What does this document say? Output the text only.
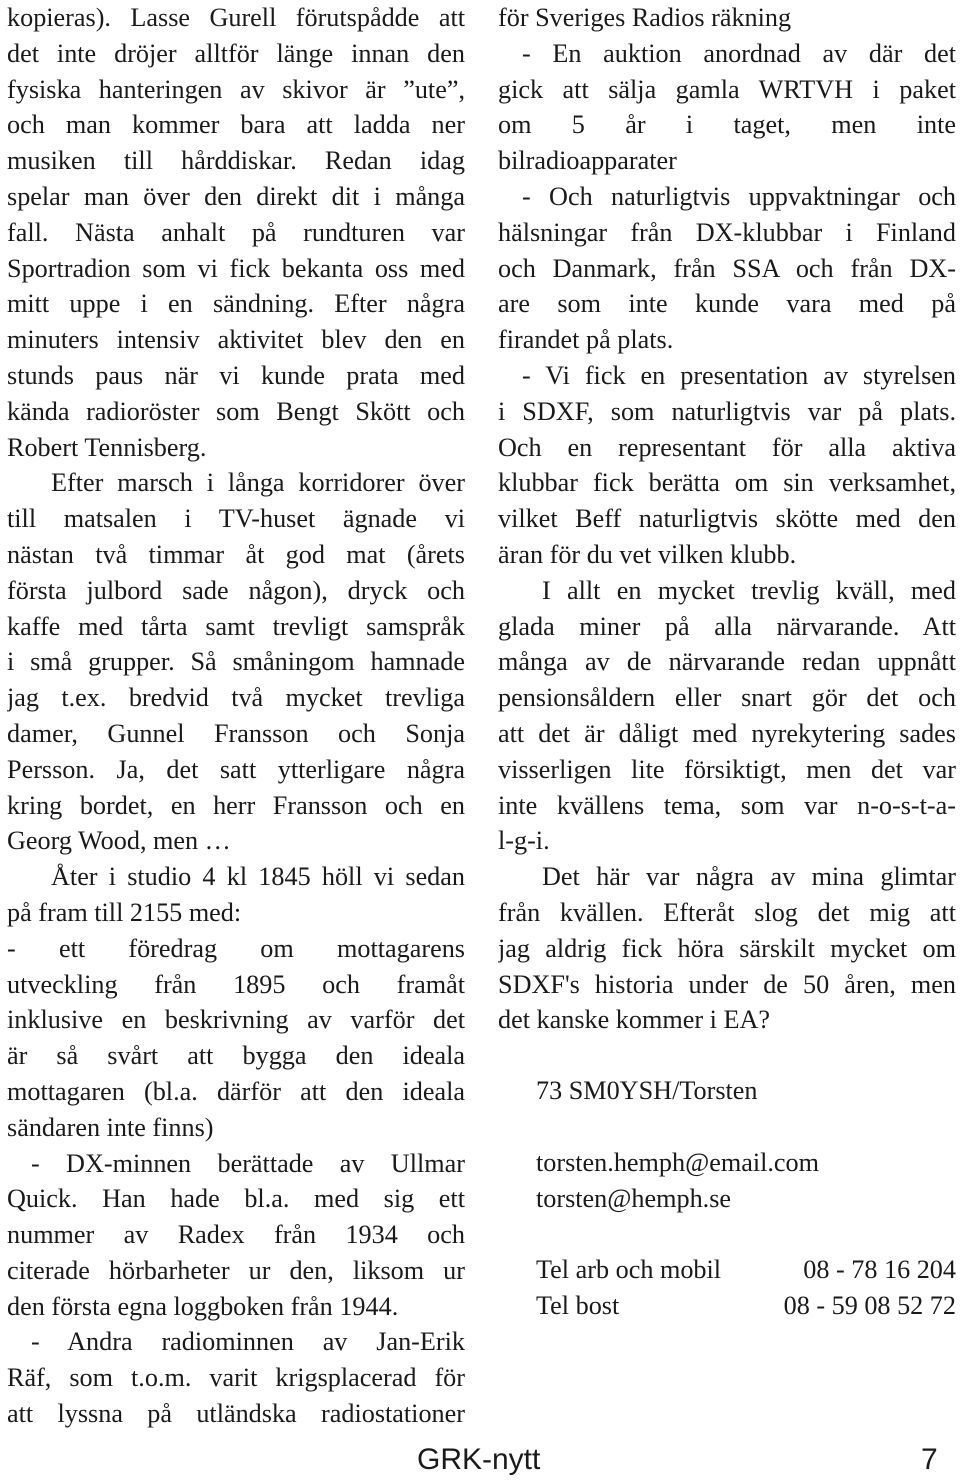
kopieras). Lasse Gurell förutspådde att
det inte dröjer alltför länge innan den
fysiska hanteringen av skivor är ”ute”,
och man kommer bara att ladda ner
musiken till hårddiskar. Redan idag
spelar man över den direkt dit i många
fall. Nästa anhalt på rundturen var
Sportradion som vi fick bekanta oss med
mitt uppe i en sändning. Efter några
minuters intensiv aktivitet blev den en
stunds paus när vi kunde prata med
kända radioröster som Bengt Skött och
Robert Tennisberg.
Efter marsch i långa korridorer över
till matsalen i TV-huset ägnade vi
nästan två timmar åt god mat (årets
första julbord sade någon), dryck och
kaffe med tårta samt trevligt samspråk
i små grupper. Så småningom hamnade
jag t.ex. bredvid två mycket trevliga
damer, Gunnel Fransson och Sonja
Persson. Ja, det satt ytterligare några
kring bordet, en herr Fransson och en
Georg Wood, men …
Åter i studio 4 kl 1845 höll vi sedan
på fram till 2155 med:
- ett föredrag om mottagarens
utveckling från 1895 och framåt
inklusive en beskrivning av varför det
är så svårt att bygga den ideala
mottagaren (bl.a. därför att den ideala
sändaren inte finns)
- DX-minnen berättade av Ullmar
Quick. Han hade bl.a. med sig ett
nummer av Radex från 1934 och
citerade hörbarheter ur den, liksom ur
den första egna loggboken från 1944.
- Andra radiominnen av Jan-Erik
Räf, som t.o.m. varit krigsplacerad för
att lyssna på utländska radiostationer
för Sveriges Radios räkning
- En auktion anordnad av där det
gick att sälja gamla WRTVH i paket
om 5 år i taget, men inte
bilradioapparater
- Och naturligtvis uppvaktningar och
hälsningar från DX-klubbar i Finland
och Danmark, från SSA och från DX-
are som inte kunde vara med på
firandet på plats.
- Vi fick en presentation av styrelsen
i SDXF, som naturligtvis var på plats.
Och en representant för alla aktiva
klubbar fick berätta om sin verksamhet,
vilket Beff naturligtvis skötte med den
äran för du vet vilken klubb.
I allt en mycket trevlig kväll, med
glada miner på alla närvarande. Att
många av de närvarande redan uppnått
pensionsåldern eller snart gör det och
att det är dåligt med nyrekytering sades
visserligen lite försiktigt, men det var
inte kvällens tema, som var n-o-s-t-a-
l-g-i.
Det här var några av mina glimtar
från kvällen. Efteråt slog det mig att
jag aldrig fick höra särskilt mycket om
SDXF's historia under de 50 åren, men
det kanske kommer i EA?
73 SM0YSH/Torsten
torsten.hemph@email.com
torsten@hemph.se
Tel arb och mobil	08 - 78 16 204
Tel bost	08 - 59 08 52 72
GRK-nytt	7
